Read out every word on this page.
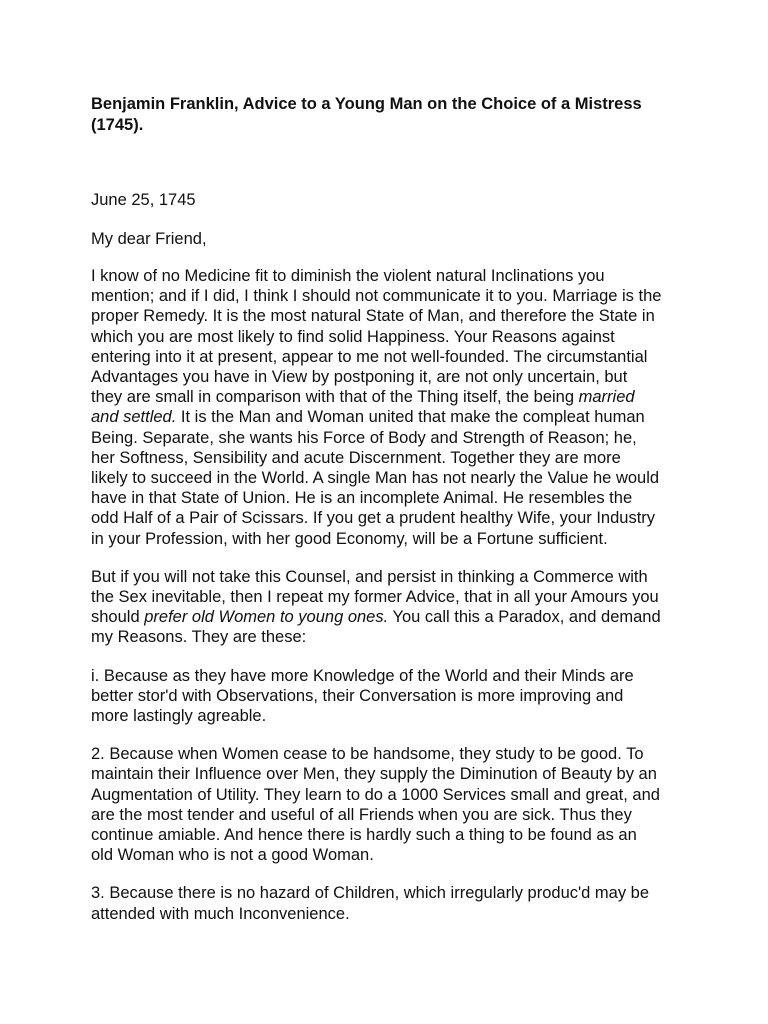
Benjamin Franklin, Advice to a Young Man on the Choice of a Mistress
(1745).

June 25, 1745

My dear Friend,

I know of no Medicine fit to diminish the violent natural Inclinations you
mention; and if I did, I think I should not communicate it to you. Marriage is the
proper Remedy. It is the most natural State of Man, and therefore the State in
which you are most likely to find solid Happiness. Your Reasons against
entering into it at present, appear to me not well-founded. The circumstantial
Advantages you have in View by postponing it, are not only uncertain, but
they are small in comparison with that of the Thing itself, the being married
and settled. It is the Man and Woman united that make the compleat human
Being. Separate, she wants his Force of Body and Strength of Reason; he,
her Softness, Sensibility and acute Discernment. Together they are more
likely to succeed in the World. A single Man has not nearly the Value he would
have in that State of Union. He is an incomplete Animal. He resembles the
odd Half of a Pair of Scissars. If you get a prudent healthy Wife, your Industry
in your Profession, with her good Economy, will be a Fortune sufficient.

But if you will not take this Counsel, and persist in thinking a Commerce with
the Sex inevitable, then I repeat my former Advice, that in all your Amours you
should prefer old Women to young ones. You call this a Paradox, and demand
my Reasons. They are these:

i. Because as they have more Knowledge of the World and their Minds are
better stor'd with Observations, their Conversation is more improving and
more lastingly agreable.

2. Because when Women cease to be handsome, they study to be good. To
maintain their Influence over Men, they supply the Diminution of Beauty by an
Augmentation of Utility. They learn to do a 1000 Services small and great, and
are the most tender and useful of all Friends when you are sick. Thus they
continue amiable. And hence there is hardly such a thing to be found as an
old Woman who is not a good Woman.

3. Because there is no hazard of Children, which irregularly produc'd may be
attended with much Inconvenience.
